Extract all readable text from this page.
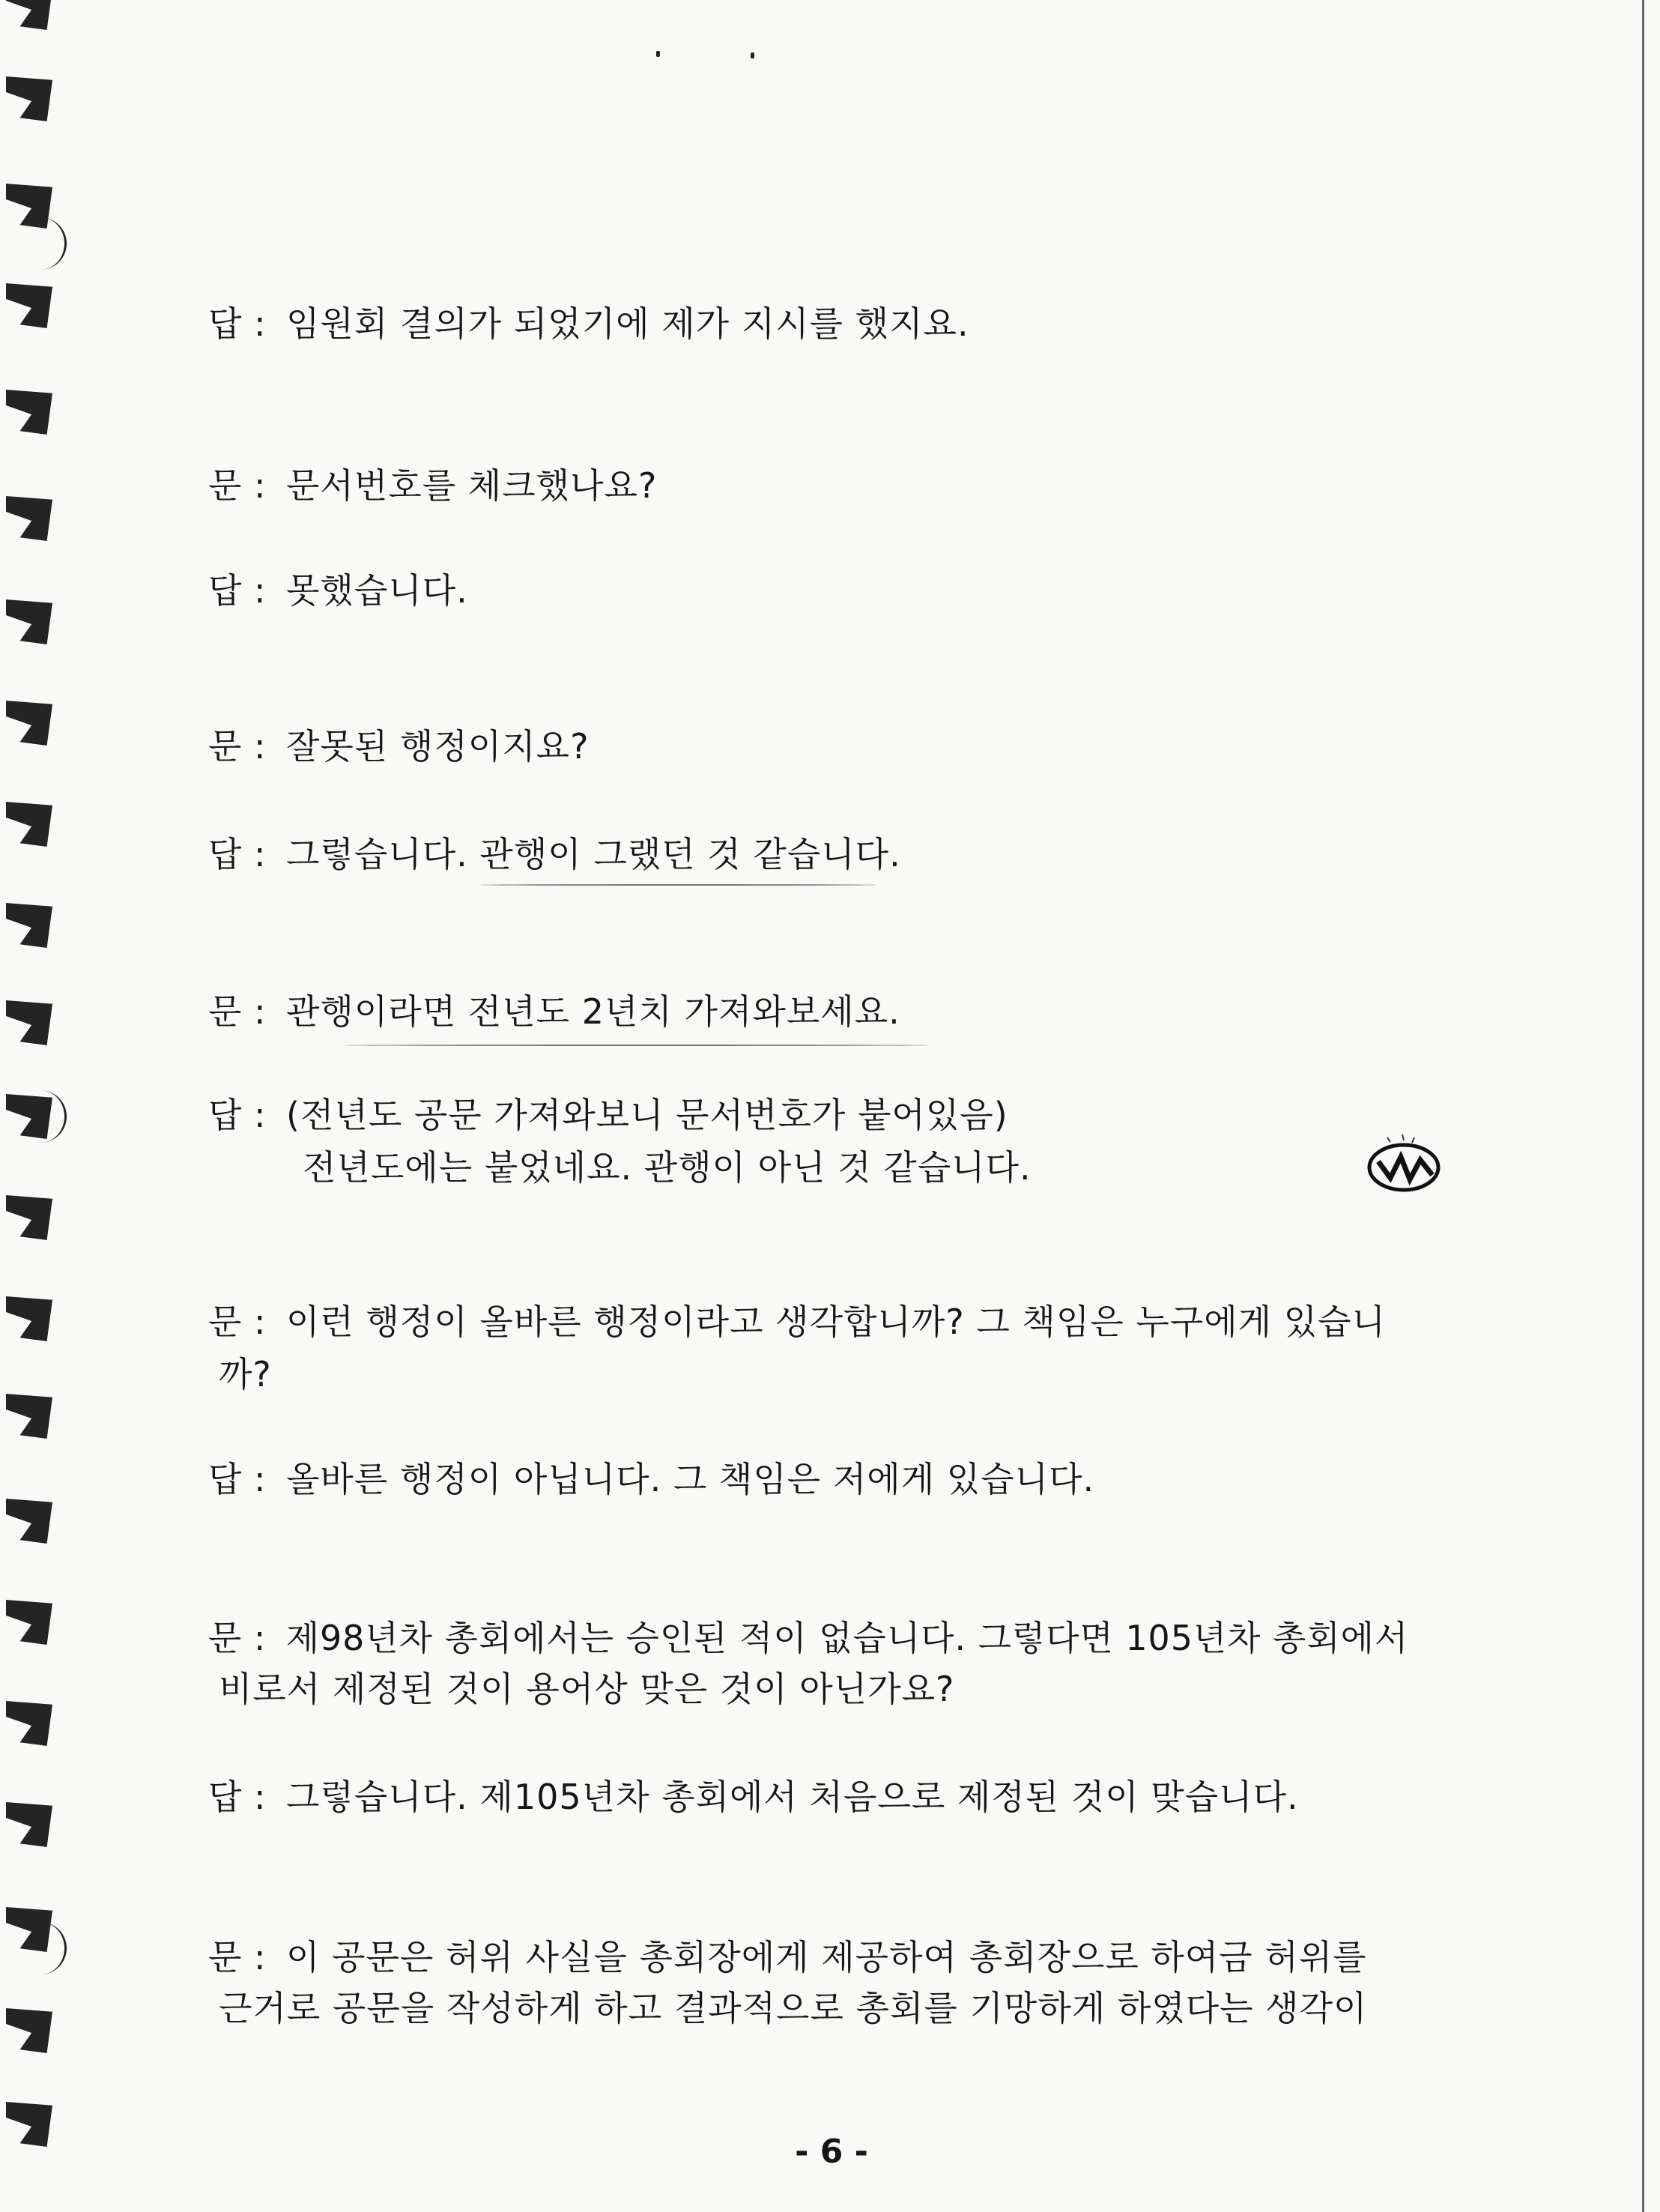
답 : 임원회 결의가 되었기에 제가 지시를 했지요.
문 : 문서번호를 체크했나요?
답 : 못했습니다.
문 : 잘못된 행정이지요?
답 : 그렇습니다. 관행이 그랬던 것 같습니다.
문 : 관행이라면 전년도 2년치 가져와보세요.
답 : (전년도 공문 가져와보니 문서번호가 붙어있음)
전년도에는 붙었네요. 관행이 아닌 것 같습니다.
문 : 이런 행정이 올바른 행정이라고 생각합니까? 그 책임은 누구에게 있습니
까?
답 : 올바른 행정이 아닙니다. 그 책임은 저에게 있습니다.
문 : 제98년차 총회에서는 승인된 적이 없습니다. 그렇다면 105년차 총회에서
비로서 제정된 것이 용어상 맞은 것이 아닌가요?
답 : 그렇습니다. 제105년차 총회에서 처음으로 제정된 것이 맞습니다.
문 : 이 공문은 허위 사실을 총회장에게 제공하여 총회장으로 하여금 허위를
근거로 공문을 작성하게 하고 결과적으로 총회를 기망하게 하였다는 생각이
- 6 -
